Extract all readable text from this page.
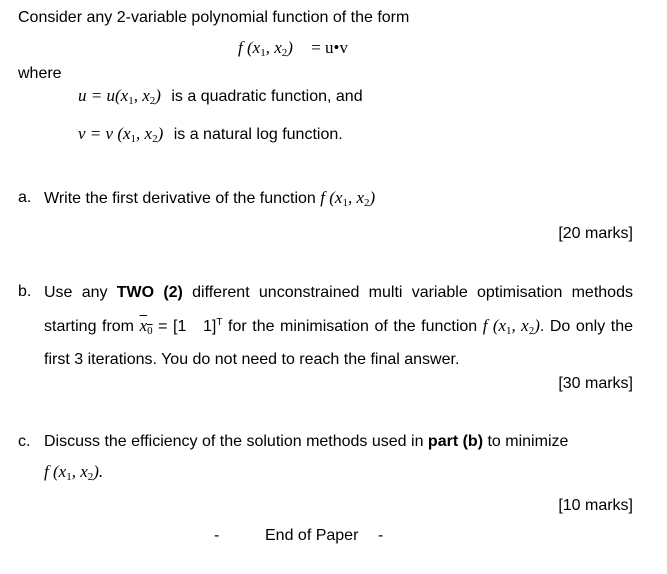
Consider any 2-variable polynomial function of the form
f ($x_1$, $x_2$) = u•v
where
$u = u(x_1$, $x_2$) is a quadratic function, and
v = v ($x_1$, $x_2$) is a natural log function.
a. Write the first derivative of the function f ($x_1$, $x_2$)
[20 marks]
b. Use any TWO (2) different unconstrained multi variable optimisation methods starting from $x_0 = [1$   1]$^T$ for the minimisation of the function f ($x_1$, $x_2$). Do only the first 3 iterations. You do not need to reach the final answer.
[30 marks]
c. Discuss the efficiency of the solution methods used in part (b) to minimize
f ($x_1$, $x_2$).
[10 marks]
-	End of Paper -
